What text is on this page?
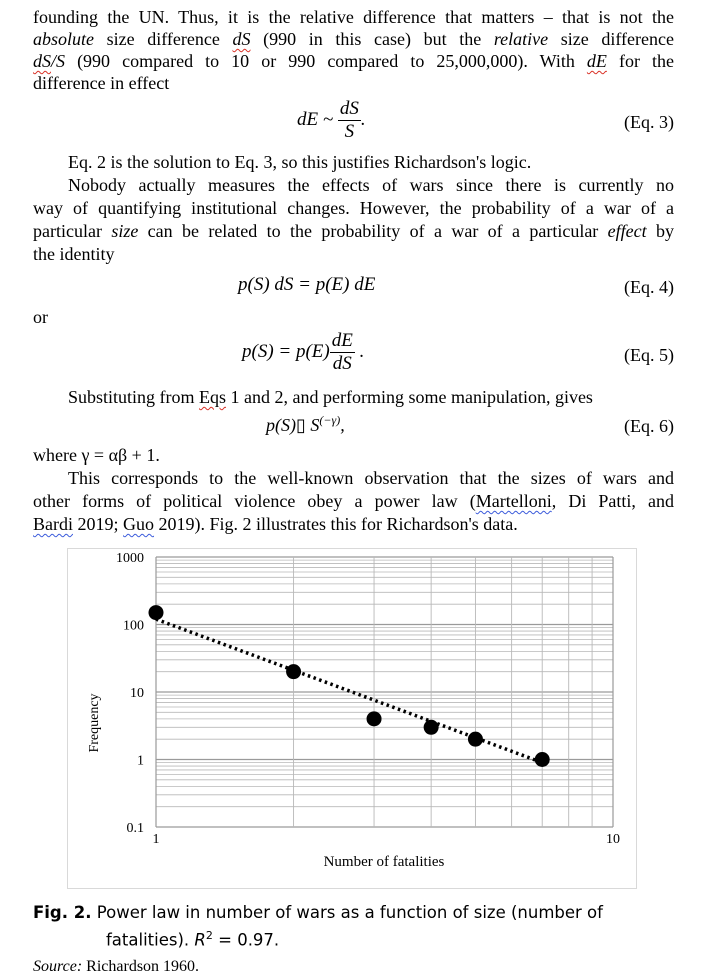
founding the UN. Thus, it is the relative difference that matters – that is not the
absolute size difference dS (990 in this case) but the relative size difference
dS/S (990 compared to 10 or 990 compared to 25,000,000). With dE for the
difference in effect
dE ~ $\frac{dS}{S}$ .	(Eq. 3)
Eq. 2 is the solution to Eq. 3, so this justifies Richardson's logic.
Nobody actually measures the effects of wars since there is currently no
way of quantifying institutional changes. However, the probability of a war of a
particular size can be related to the probability of a war of a particular effect by
the identity
p(S) dS = p(E) dE	(Eq. 4)
or
$p(S) = p(E) \frac{dE}{dS}$ .	(Eq. 5)
Substituting from Eqs 1 and 2, and performing some manipulation, gives
p(S)▯ $S^{(-\gamma)}$,	(Eq. 6)
where γ = αβ + 1.
This corresponds to the well-known observation that the sizes of wars and
other forms of political violence obey a power law (Martelloni, Di Patti, and
Bardi 2019; Guo 2019). Fig. 2 illustrates this for Richardson's data.
1000
100
10
1
0.1
1	10
Frequency
Number of fatalities
Fig. 2. Power law in number of wars as a function of size (number of
fatalities). $R^2 = 0.97$.
Source: Richardson 1960.
